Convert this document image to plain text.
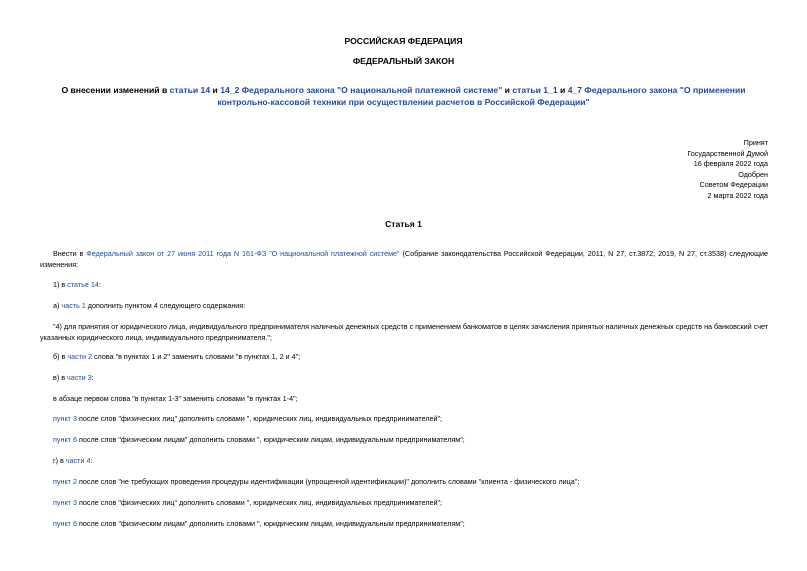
РОССИЙСКАЯ ФЕДЕРАЦИЯ
ФЕДЕРАЛЬНЫЙ ЗАКОН
О внесении изменений в статьи 14 и 14_2 Федерального закона "О национальной платежной системе" и статьи 1_1 и 4_7 Федерального закона "О применении
контрольно-кассовой техники при осуществлении расчетов в Российской Федерации"
Принят
Государственной Думой
16 февраля 2022 года
Одобрен
Советом Федерации
2 марта 2022 года
Статья 1
Внести в Федеральный закон от 27 июня 2011 года N 161-ФЗ "О национальной платежной системе" (Собрание законодательства Российской Федерации, 2011, N 27, ст.3872; 2019, N 27, ст.3538) следующие изменения:
1) в статье 14:
а) часть 1 дополнить пунктом 4 следующего содержания:
"4) для принятия от юридического лица, индивидуального предпринимателя наличных денежных средств с применением банкоматов в целях зачисления принятых наличных денежных средств на банковский счет указанных юридического лица, индивидуального предпринимателя.";
б) в части 2 слова "в пунктах 1 и 2" заменить словами "в пунктах 1, 2 и 4";
в) в части 3:
в абзаце первом слова "в пунктах 1-3" заменить словами "в пунктах 1-4";
пункт 3 после слов "физических лиц" дополнить словами ", юридических лиц, индивидуальных предпринимателей";
пункт 6 после слов "физическим лицам" дополнить словами ", юридическим лицам, индивидуальным предпринимателям";
г) в части 4:
пункт 2 после слов "не требующих проведения процедуры идентификации (упрощенной идентификации)" дополнить словами "клиента - физического лица";
пункт 3 после слов "физических лиц" дополнить словами ", юридических лиц, индивидуальных предпринимателей";
пункт 6 после слов "физическим лицам" дополнить словами ", юридическим лицам, индивидуальным предпринимателям";
